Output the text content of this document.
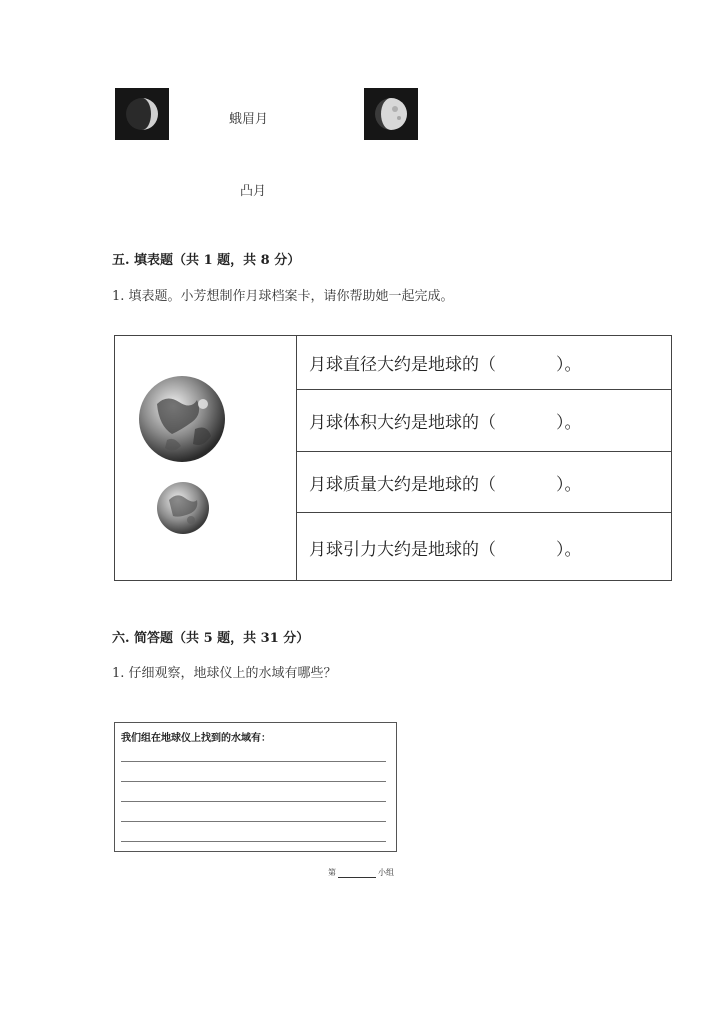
蛾眉月
凸月
五. 填表题（共 1 题，共 8 分）
1. 填表题。小芳想制作月球档案卡，请你帮助她一起完成。
月球直径大约是地球的（	）。
月球体积大约是地球的（	）。
月球质量大约是地球的（	）。
月球引力大约是地球的（	）。
六. 简答题（共 5 题，共 31 分）
1. 仔细观察，地球仪上的水域有哪些？
我们组在地球仪上找到的水域有：
第	小组
